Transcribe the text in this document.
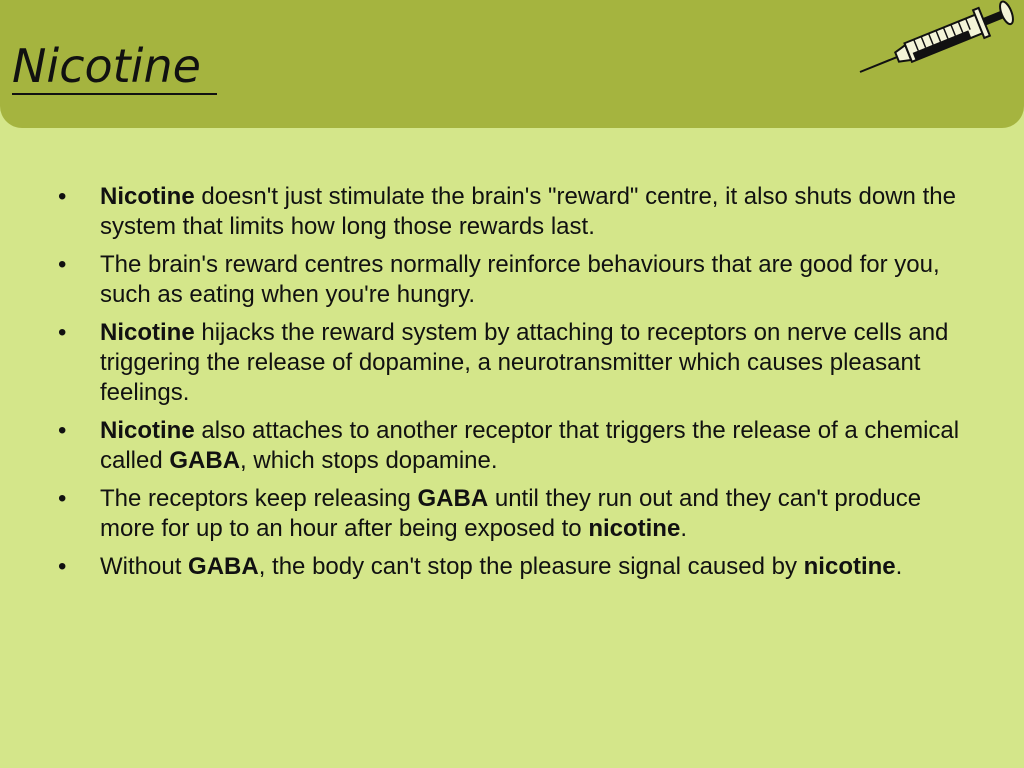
Nicotine
• Nicotine doesn't just stimulate the brain's "reward" centre, it also shuts down the system that limits how long those rewards last.
• The brain's reward centres normally reinforce behaviours that are good for you, such as eating when you're hungry.
• Nicotine hijacks the reward system by attaching to receptors on nerve cells and triggering the release of dopamine, a neurotransmitter which causes pleasant feelings.
• Nicotine also attaches to another receptor that triggers the release of a chemical called GABA, which stops dopamine.
• The receptors keep releasing GABA until they run out and they can't produce more for up to an hour after being exposed to nicotine.
• Without GABA, the body can't stop the pleasure signal caused by nicotine.
